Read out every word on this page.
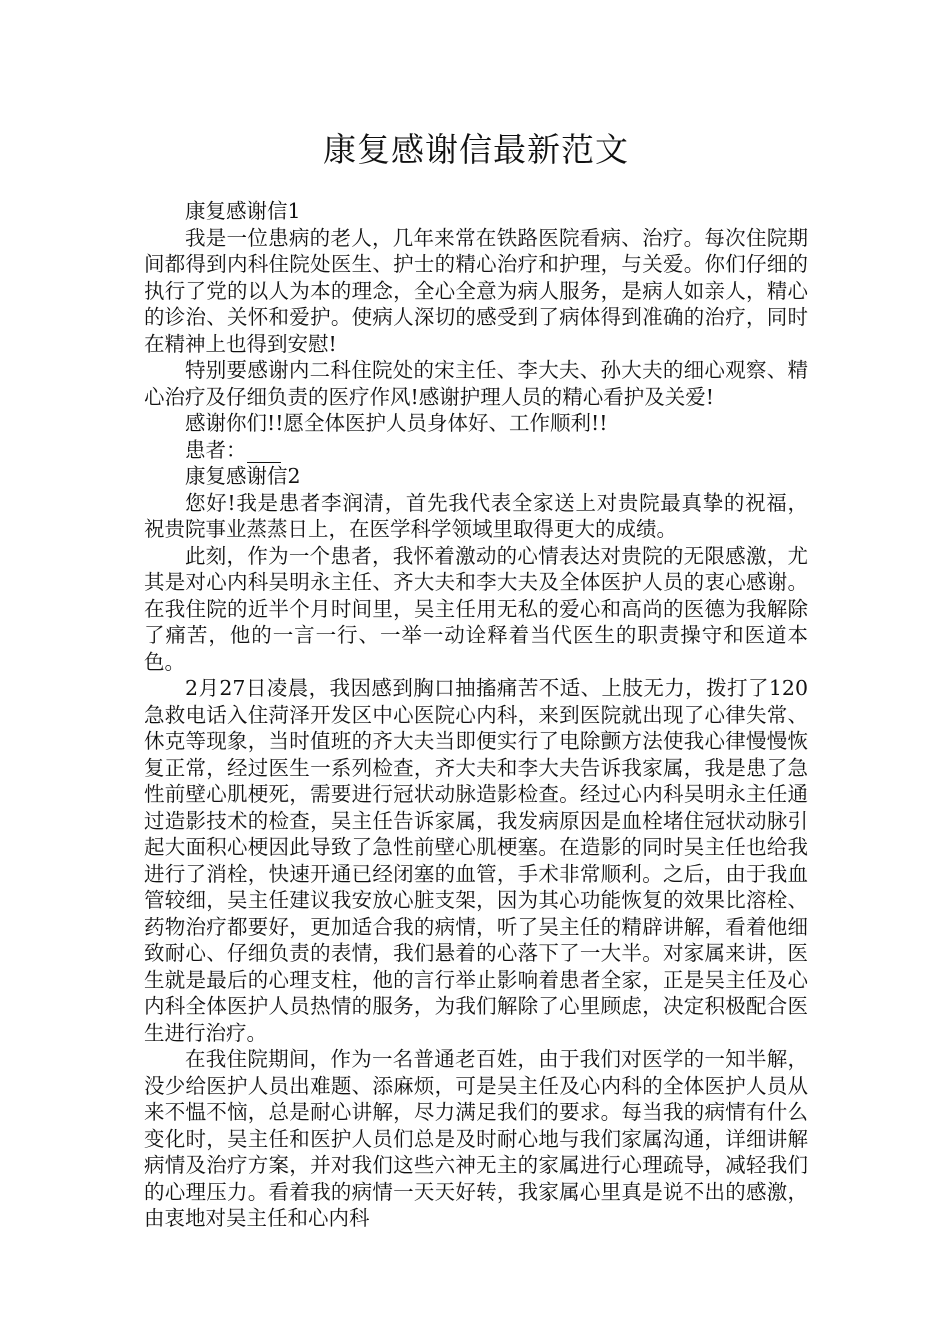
康复感谢信最新范文

康复感谢信1

我是一位患病的老人，几年来常在铁路医院看病、治疗。每次住院期间都得到内科住院处医生、护士的精心治疗和护理，与关爱。你们仔细的执行了党的以人为本的理念，全心全意为病人服务，是病人如亲人，精心的诊治、关怀和爱护。使病人深切的感受到了病体得到准确的治疗，同时在精神上也得到安慰!

特别要感谢内二科住院处的宋主任、李大夫、孙大夫的细心观察、精心治疗及仔细负责的医疗作风!感谢护理人员的精心看护及关爱!

感谢你们!!愿全体医护人员身体好、工作顺利!!

患者：

康复感谢信2

您好!我是患者李润清，首先我代表全家送上对贵院最真挚的祝福，祝贵院事业蒸蒸日上，在医学科学领域里取得更大的成绩。

此刻，作为一个患者，我怀着激动的心情表达对贵院的无限感激，尤其是对心内科吴明永主任、齐大夫和李大夫及全体医护人员的衷心感谢。在我住院的近半个月时间里，吴主任用无私的爱心和高尚的医德为我解除了痛苦，他的一言一行、一举一动诠释着当代医生的职责操守和医道本色。

2月27日凌晨，我因感到胸口抽搐痛苦不适、上肢无力，拨打了120急救电话入住菏泽开发区中心医院心内科，来到医院就出现了心律失常、休克等现象，当时值班的齐大夫当即便实行了电除颤方法使我心律慢慢恢复正常，经过医生一系列检查，齐大夫和李大夫告诉我家属，我是患了急性前壁心肌梗死，需要进行冠状动脉造影检查。经过心内科吴明永主任通过造影技术的检查，吴主任告诉家属，我发病原因是血栓堵住冠状动脉引起大面积心梗因此导致了急性前壁心肌梗塞。在造影的同时吴主任也给我进行了消栓，快速开通已经闭塞的血管，手术非常顺利。之后，由于我血管较细，吴主任建议我安放心脏支架，因为其心功能恢复的效果比溶栓、药物治疗都要好，更加适合我的病情，听了吴主任的精辟讲解，看着他细致耐心、仔细负责的表情，我们悬着的心落下了一大半。对家属来讲，医生就是最后的心理支柱，他的言行举止影响着患者全家，正是吴主任及心内科全体医护人员热情的服务，为我们解除了心里顾虑，决定积极配合医生进行治疗。

在我住院期间，作为一名普通老百姓，由于我们对医学的一知半解，没少给医护人员出难题、添麻烦，可是吴主任及心内科的全体医护人员从来不愠不恼，总是耐心讲解，尽力满足我们的要求。每当我的病情有什么变化时，吴主任和医护人员们总是及时耐心地与我们家属沟通，详细讲解病情及治疗方案，并对我们这些六神无主的家属进行心理疏导，减轻我们的心理压力。看着我的病情一天天好转，我家属心里真是说不出的感激，由衷地对吴主任和心内科
